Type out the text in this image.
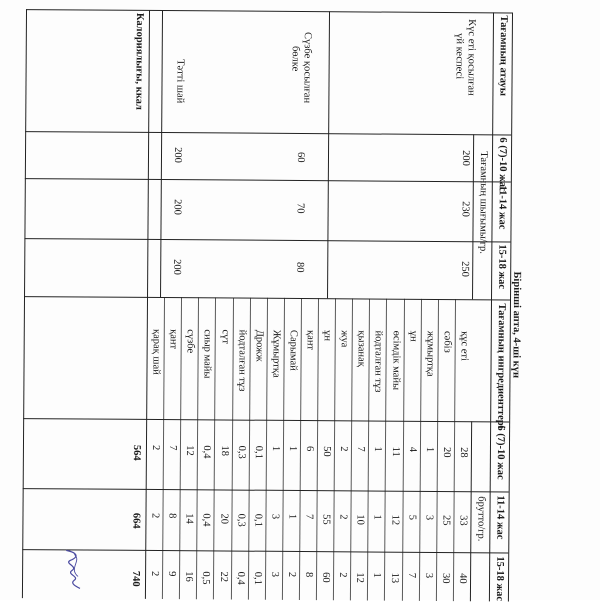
Бірінші апта, 4-ші күн
Тағамның атауы
6 (7)-10 жас
11-14 жас
15-18 жас
Тағамның шығымы/гр.
Тағамның ингредиенттері
6 (7)-10 жас
11-14 жас
15-18 жас
брутто/гр.
Күс еті қосылған
үй кеспесі
200
230
250
Сүзбе қосылған
бөлке
60
70
80
Тәтті шай
200
200
200
құс еті
28
33
40
сәбіз
20
25
30
жұмыртқа
1
3
3
ұн
4
5
7
өсімдік майы
11
12
13
йодталған тұз
1
1
1
қызанақ
7
10
12
жуа
2
2
2
ұн
50
55
60
қант
6
7
8
Сарымай
1
1
2
Жұмыртқа
1
3
3
Дрожж
0,1
0,1
0,1
йодталған тұз
0,3
0,3
0,4
сүт
18
20
22
сиыр майы
0,4
0,4
0,5
сүзбе
12
14
16
қант
7
8
9
қарақ шай
2
2
2
Калориялығы, ккал
564
664
740
